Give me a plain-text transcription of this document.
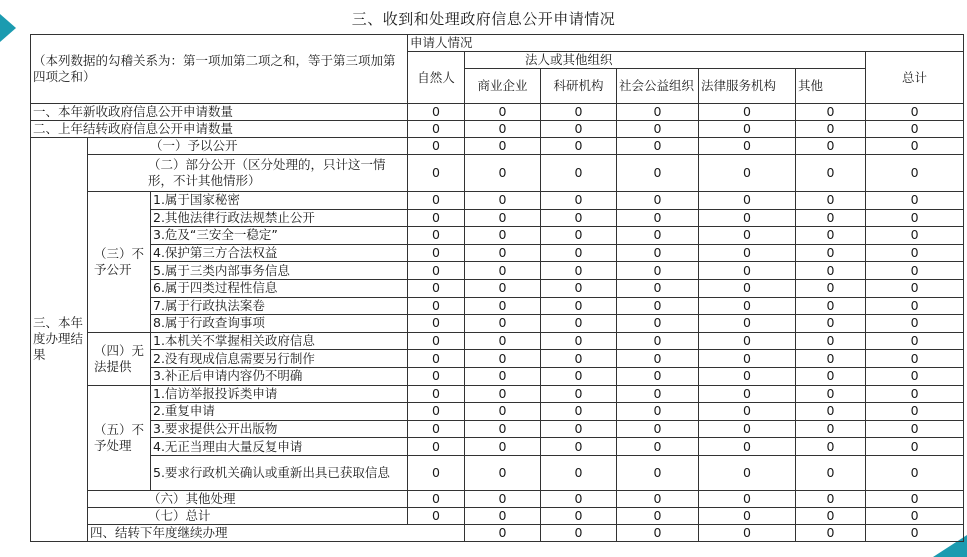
三、收到和处理政府信息公开申请情况
（本列数据的勾稽关系为：第一项加第二项之和，等于第三项加第四项之和）			申请人情况							
			自然人	法人或其他组织					总计	
				商业企业	科研机构	社会公益组织	法律服务机构	其他		
一、本年新收政府信息公开申请数量			0	0	0	0	0	0	0	
二、上年结转政府信息公开申请数量			0	0	0	0	0	0	0	
三、本年度办理结果	（一）予以公开		0	0	0	0	0	0	0	
	（二）部分公开（区分处理的，只计这一情形，不计其他情形）		0	0	0	0	0	0	0	
	（三）不予公开	1.属于国家秘密	0	0	0	0	0	0	0	
		2.其他法律行政法规禁止公开	0	0	0	0	0	0	0	
		3.危及“三安全一稳定”	0	0	0	0	0	0	0	
		4.保护第三方合法权益	0	0	0	0	0	0	0	
		5.属于三类内部事务信息	0	0	0	0	0	0	0	
		6.属于四类过程性信息	0	0	0	0	0	0	0	
		7.属于行政执法案卷	0	0	0	0	0	0	0	
		8.属于行政查询事项	0	0	0	0	0	0	0	
	（四）无法提供	1.本机关不掌握相关政府信息	0	0	0	0	0	0	0	
		2.没有现成信息需要另行制作	0	0	0	0	0	0	0	
		3.补正后申请内容仍不明确	0	0	0	0	0	0	0	
	（五）不予处理	1.信访举报投诉类申请	0	0	0	0	0	0	0	
		2.重复申请	0	0	0	0	0	0	0	
		3.要求提供公开出版物	0	0	0	0	0	0	0	
		4.无正当理由大量反复申请	0	0	0	0	0	0	0	
		5.要求行政机关确认或重新出具已获取信息	0	0	0	0	0	0	0	
	（六）其他处理		0	0	0	0	0	0	0	
	（七）总计		0	0	0	0	0	0	0	
	四、结转下年度继续办理			0	0	0	0	0	0	
